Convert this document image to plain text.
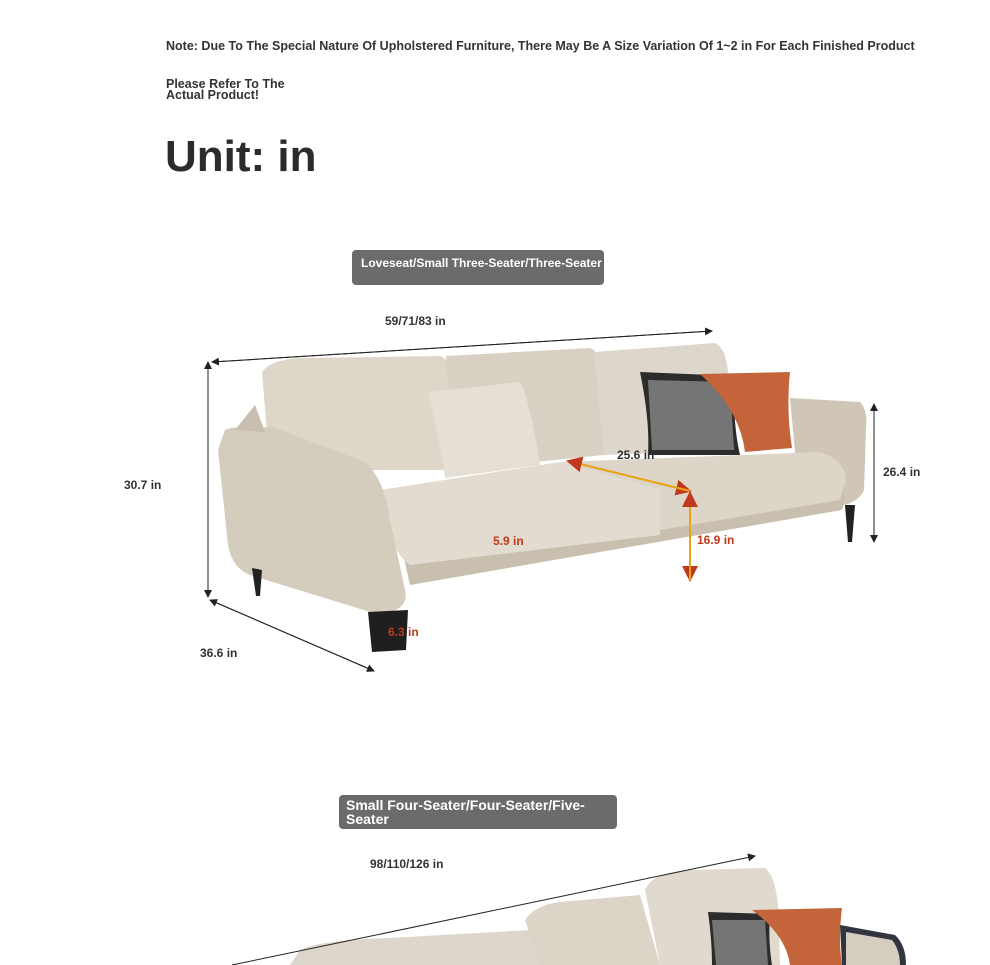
Note: Due To The Special Nature Of Upholstered Furniture, There May Be A Size Variation Of 1~2 in For Each Finished Product
Please Refer To The Actual Product!
Unit: in
Loveseat/Small Three-Seater/Three-Seater
59/71/83 in
30.7 in
26.4 in
36.6 in
25.6 in
5.9 in	16.9 in
6.3 in
Small Four-Seater/Four-Seater/Five-Seater
98/110/126 in
